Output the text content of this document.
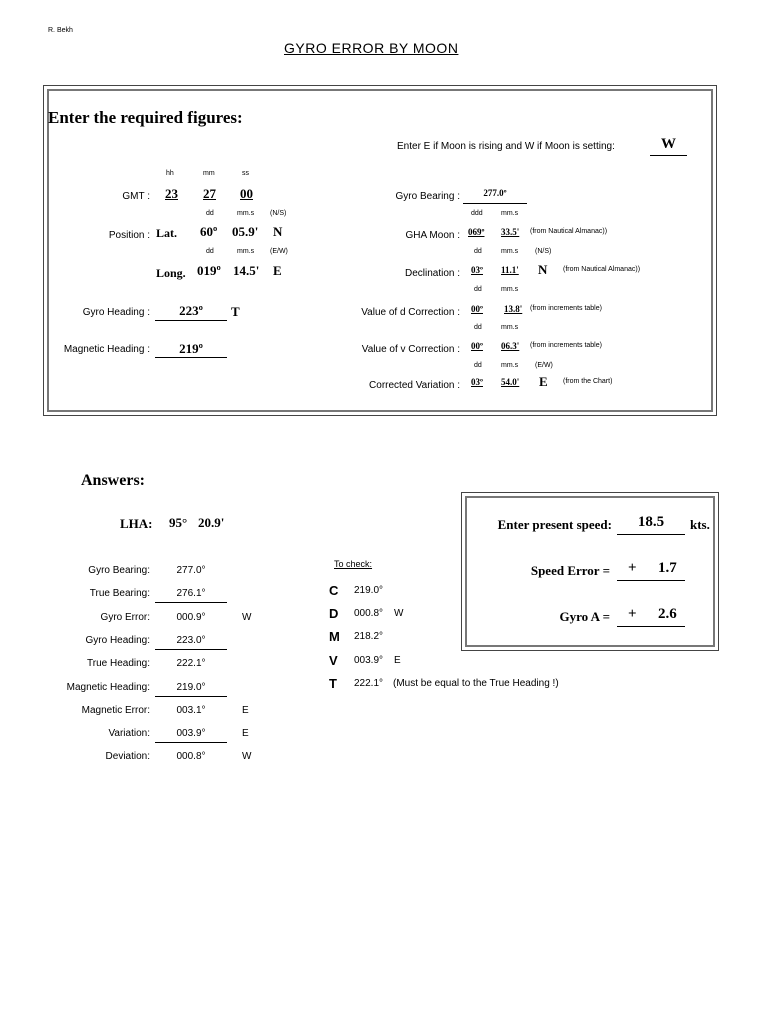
R. Bekh
GYRO ERROR BY MOON
Enter the required figures:
Enter E if Moon is rising and W if Moon is setting:	W
hh	mm	ss
GMT : 23 27 00
dd	mm.s (N/S)
Position : Lat. 60º 05.9' N
dd	mm.s (E/W)
Long. 019º 14.5' E
Gyro Heading :	223º	T
Magnetic Heading :	219º
Gyro Bearing :	277.0º
ddd	mm.s
GHA Moon : 069º 33.5' (from Nautical Almanac))
dd	mm.s (N/S)
Declination : 03º 11.1' N (from Nautical Almanac))
dd	mm.s
Value of d Correction : 00º 13.8' (from increments table)
dd	mm.s
Value of v Correction : 00º 06.3' (from increments table)
dd	mm.s (E/W)
Corrected Variation : 03º 54.0' E (from the Chart)
Answers:
LHA: 95° 20.9'
Gyro Bearing:	277.0°
True Bearing:	276.1°
Gyro Error:	000.9°	W
Gyro Heading:	223.0°
True Heading:	222.1°
Magnetic Heading:	219.0°
Magnetic Error:	003.1°	E
Variation:	003.9°	E
Deviation:	000.8°	W
To check:
C 219.0°
D 000.8° W
M 218.2°
V 003.9° E
T 222.1° (Must be equal to the True Heading !)
Enter present speed:	18.5	kts.
Speed Error = + 1.7
Gyro A = + 2.6
